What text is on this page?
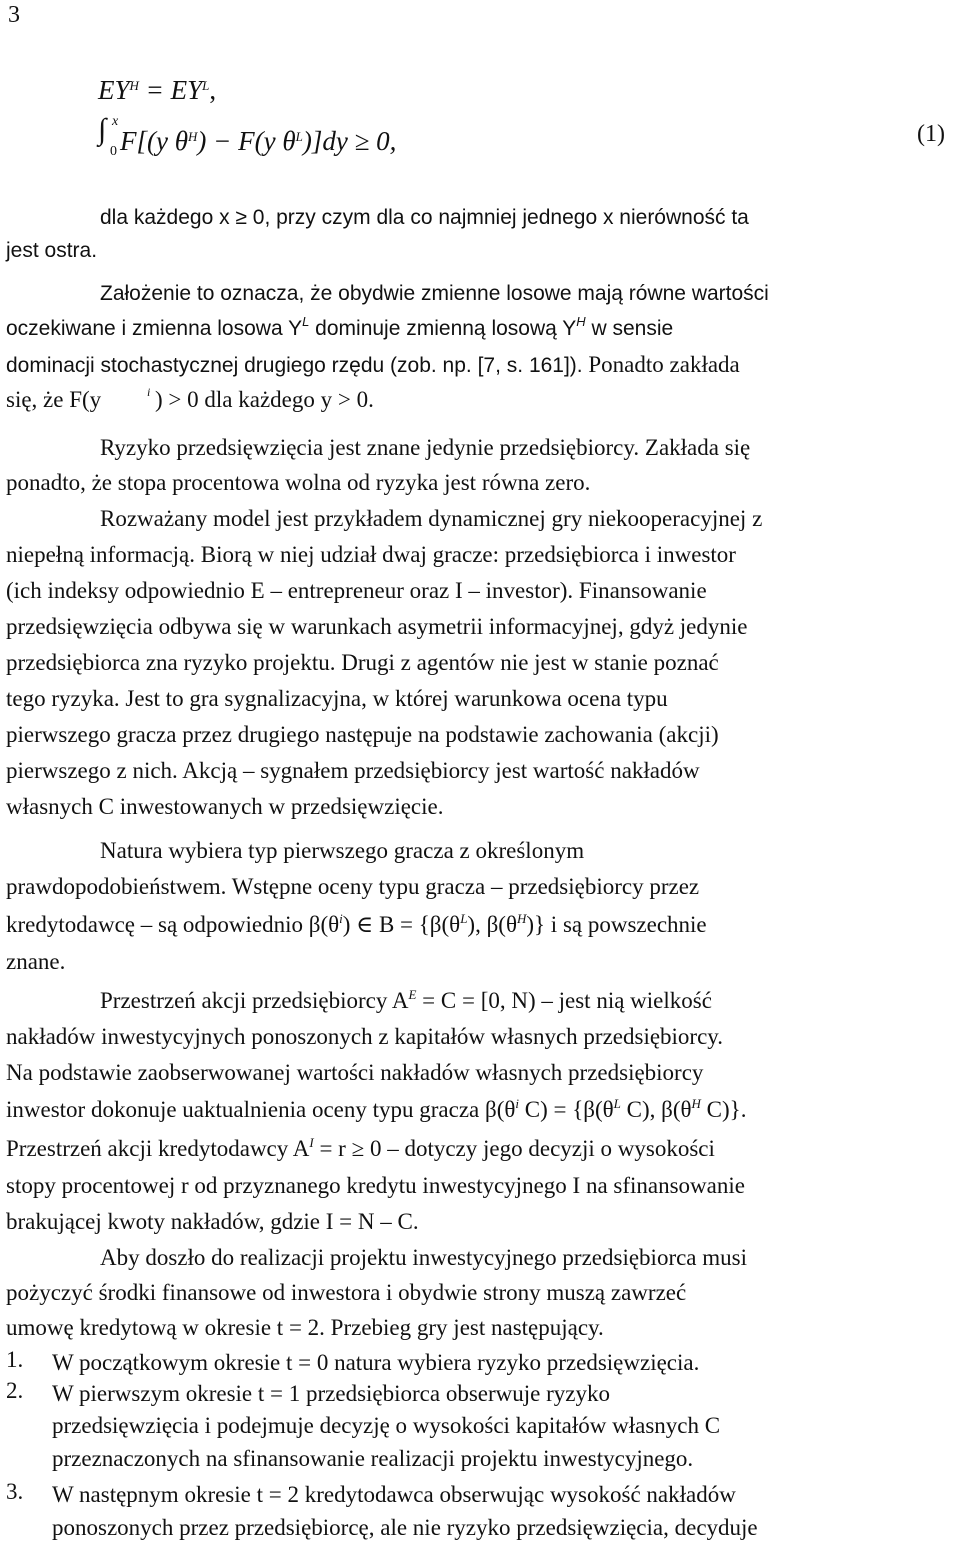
3
$EY^H = EY^L$,
∫ x
0 F[(y $\theta^H) - F(y$ $\theta^L)]dy \ge 0$,	(1)
dla każdego x ≥ 0, przy czym dla co najmniej jednego x nierówność ta
jest ostra.
Założenie to oznacza, że obydwie zmienne losowe mają równe wartości
oczekiwane i zmienna losowa $Y^L$ dominuje zmienną losową $Y^H$ w sensie
dominacji stochastycznej drugiego rzędu (zob. np. [7, s. 161]). Ponadto zakłada
się, że F(y	i ) > 0 dla każdego y > 0.
Ryzyko przedsięwzięcia jest znane jedynie przedsiębiorcy. Zakłada się
ponadto, że stopa procentowa wolna od ryzyka jest równa zero.
Rozważany model jest przykładem dynamicznej gry niekooperacyjnej z
niepełną informacją. Biorą w niej udział dwaj gracze: przedsiębiorca i inwestor
(ich indeksy odpowiednio E – entrepreneur oraz I – investor). Finansowanie
przedsięwzięcia odbywa się w warunkach asymetrii informacyjnej, gdyż jedynie
przedsiębiorca zna ryzyko projektu. Drugi z agentów nie jest w stanie poznać
tego ryzyka. Jest to gra sygnalizacyjna, w której warunkowa ocena typu
pierwszego gracza przez drugiego następuje na podstawie zachowania (akcji)
pierwszego z nich. Akcją – sygnałem przedsiębiorcy jest wartość nakładów
własnych C inwestowanych w przedsięwzięcie.
Natura wybiera typ pierwszego gracza z określonym
prawdopodobieństwem. Wstępne oceny typu gracza – przedsiębiorcy przez
kredytodawcę – są odpowiednio $\beta(\theta^i)$ ∈ $B = \{\beta(\theta^L)$, $\beta(\theta^H)$} i są powszechnie
znane.
Przestrzeń akcji przedsiębiorcy $A^E = C = [0$, N) – jest nią wielkość
nakładów inwestycyjnych ponoszonych z kapitałów własnych przedsiębiorcy.
Na podstawie zaobserwowanej wartości nakładów własnych przedsiębiorcy
inwestor dokonuje uaktualnienia oceny typu gracza $\beta(\theta^i$ $C) = \{\beta(\theta^L$ C), $\beta(\theta^H$ C)}.
Przestrzeń akcji kredytodawcy $A^I = r \ge 0$ – dotyczy jego decyzji o wysokości
stopy procentowej r od przyznanego kredytu inwestycyjnego I na sfinansowanie
brakującej kwoty nakładów, gdzie I = N – C.
Aby doszło do realizacji projektu inwestycyjnego przedsiębiorca musi
pożyczyć środki finansowe od inwestora i obydwie strony muszą zawrzeć
umowę kredytową w okresie t = 2. Przebieg gry jest następujący.
1. W początkowym okresie t = 0 natura wybiera ryzyko przedsięwzięcia.
2. W pierwszym okresie t = 1 przedsiębiorca obserwuje ryzyko
przedsięwzięcia i podejmuje decyzję o wysokości kapitałów własnych C
przeznaczonych na sfinansowanie realizacji projektu inwestycyjnego.
3. W następnym okresie t = 2 kredytodawca obserwując wysokość nakładów
ponoszonych przez przedsiębiorcę, ale nie ryzyko przedsięwzięcia, decyduje
